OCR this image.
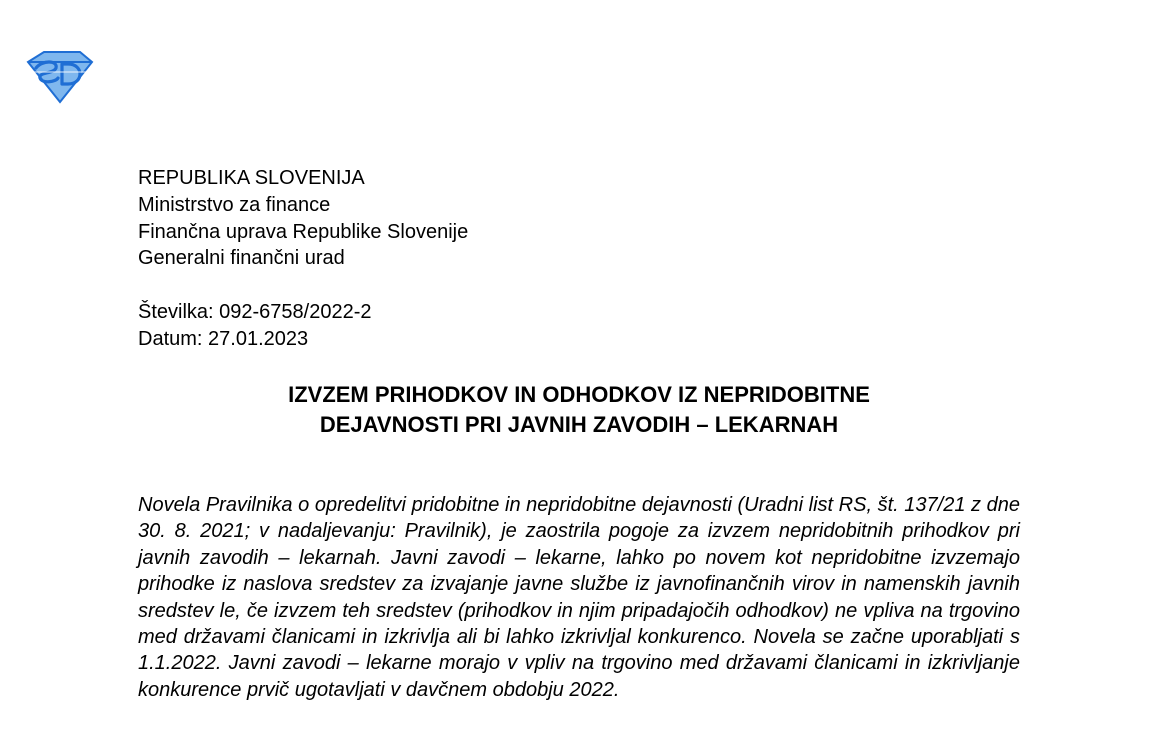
REPUBLIKA SLOVENIJA
Ministrstvo za finance
Finančna uprava Republike Slovenije
Generalni finančni urad
Številka: 092-6758/2022-2
Datum: 27.01.2023
IZVZEM PRIHODKOV IN ODHODKOV IZ NEPRIDOBITNE
DEJAVNOSTI PRI JAVNIH ZAVODIH – LEKARNAH

Novela Pravilnika o opredelitvi pridobitne in nepridobitne dejavnosti (Uradni list RS, št. 137/21 z dne 30. 8. 2021; v nadaljevanju: Pravilnik), je zaostrila pogoje za izvzem nepridobitnih prihodkov pri javnih zavodih – lekarnah. Javni zavodi – lekarne, lahko po novem kot nepridobitne izvzemajo prihodke iz naslova sredstev za izvajanje javne službe iz javnofinančnih virov in namenskih javnih sredstev le, če izvzem teh sredstev (prihodkov in njim pripadajočih odhodkov) ne vpliva na trgovino med državami članicami in izkrivlja ali bi lahko izkrivljal konkurenco. Novela se začne uporabljati s 1.1.2022. Javni zavodi – lekarne morajo v vpliv na trgovino med državami članicami in izkrivljanje konkurence prvič ugotavljati v davčnem obdobju 2022.
